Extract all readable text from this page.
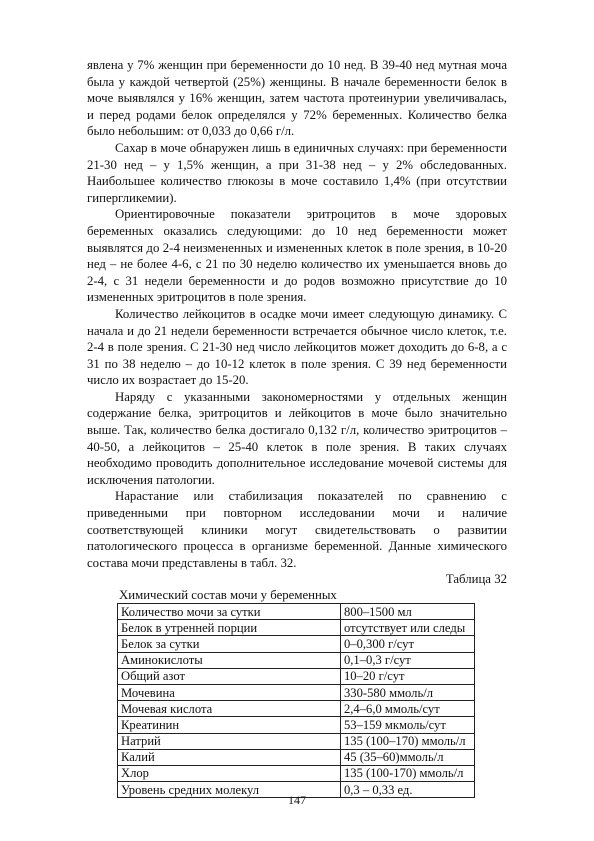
явлена у 7% женщин при беременности до 10 нед. В 39-40 нед мутная моча была у каждой четвертой (25%) женщины. В начале беременности белок в моче выявлялся у 16% женщин, затем частота протеинурии увеличивалась, и перед родами белок определялся у 72% беременных. Количество белка было небольшим: от 0,033 до 0,66 г/л.

Сахар в моче обнаружен лишь в единичных случаях: при беременности 21-30 нед – у 1,5% женщин, а при 31-38 нед – у 2% обследованных. Наибольшее количество глюкозы в моче составило 1,4% (при отсутствии гипергликемии).

Ориентировочные показатели эритроцитов в моче здоровых беременных оказались следующими: до 10 нед беременности может выявлятся до 2-4 неизмененных и измененных клеток в поле зрения, в 10-20 нед – не более 4-6, с 21 по 30 неделю количество их уменьшается вновь до 2-4, с 31 недели беременности и до родов возможно присутствие до 10 измененных эритроцитов в поле зрения.

Количество лейкоцитов в осадке мочи имеет следующую динамику. С начала и до 21 недели беременности встречается обычное число клеток, т.е. 2-4 в поле зрения. С 21-30 нед число лейкоцитов может доходить до 6-8, а с 31 по 38 неделю – до 10-12 клеток в поле зрения. С 39 нед беременности число их возрастает до 15-20.

Наряду с указанными закономерностями у отдельных женщин содержание белка, эритроцитов и лейкоцитов в моче было значительно выше. Так, количество белка достигало 0,132 г/л, количество эритроцитов – 40-50, а лейкоцитов – 25-40 клеток в поле зрения. В таких случаях необходимо проводить дополнительное исследование мочевой системы для исключения патологии.

Нарастание или стабилизация показателей по сравнению с приведенными при повторном исследовании мочи и наличие соответствующей клиники могут свидетельствовать о развитии патологического процесса в организме беременной. Данные химического состава мочи представлены в табл. 32.

Таблица 32

Химический состав мочи у беременных

Количество мочи за сутки	800–1500 мл
Белок в утренней порции	отсутствует или следы
Белок за сутки	0–0,300 г/сут
Аминокислоты	0,1–0,3 г/сут
Общий азот	10–20 г/сут
Мочевина	330-580 ммоль/л
Мочевая кислота	2,4–6,0 ммоль/сут
Креатинин	53–159 мкмоль/сут
Натрий	135 (100–170) ммоль/л
Калий	45 (35–60)ммоль/л
Хлор	135 (100-170) ммоль/л
Уровень средних молекул	0,3 – 0,33 ед.
147
